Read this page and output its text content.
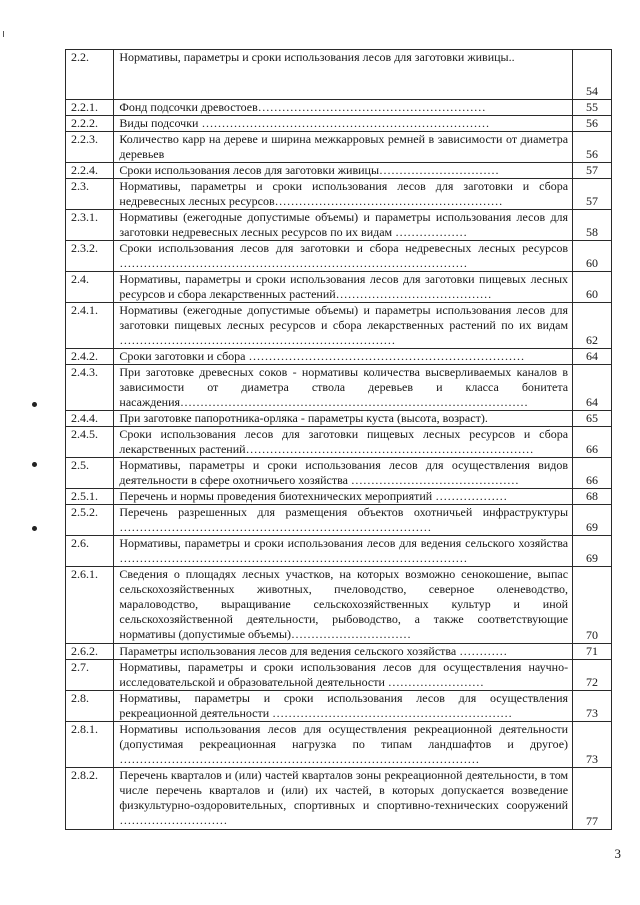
2.2.	Нормативы, параметры и сроки использования лесов для заготовки живицы..	54
2.2.1.	Фонд подсочки древостоев…………………………………………………	55
2.2.2.	Виды подсочки ………………………………………………………………	56
2.2.3.	Количество карр на дереве и ширина межкарровых ремней в зависимости от диаметра деревьев	56
2.2.4.	Сроки использования лесов для заготовки живицы…………………………	57
2.3.	Нормативы, параметры и сроки использования лесов для заготовки и сбора недревесных лесных ресурсов…………………………………………………	57
2.3.1.	Нормативы (ежегодные допустимые объемы) и параметры использования лесов для заготовки недревесных лесных ресурсов по их видам ………………	58
2.3.2.	Сроки использования лесов для заготовки и сбора недревесных лесных ресурсов ……………………………………………………………………………	60
2.4.	Нормативы, параметры и сроки использования лесов для заготовки пищевых лесных ресурсов и сбора лекарственных растений…………………………………	60
2.4.1.	Нормативы (ежегодные допустимые объемы) и параметры использования лесов для заготовки пищевых лесных ресурсов и сбора лекарственных растений по их видам ……………………………………………………………	62
2.4.2.	Сроки заготовки и сбора ……………………………………………………………	64
2.4.3.	При заготовке древесных соков - нормативы количества высверливаемых каналов в зависимости от диаметра ствола деревьев и класса бонитета насаждения……………………………………………………………………………	64
2.4.4.	При заготовке папоротника-орляка - параметры куста (высота, возраст).	65
2.4.5.	Сроки использования лесов для заготовки пищевых лесных ресурсов и сбора лекарственных растений………………………………………………………………	66
2.5.	Нормативы, параметры и сроки использования лесов для осуществления видов деятельности в сфере охотничьего хозяйства ……………………………………	66
2.5.1.	Перечень и нормы проведения биотехнических мероприятий ………………	68
2.5.2.	Перечень разрешенных для размещения объектов охотничьей инфраструктуры ……………………………………………………………………	69
2.6.	Нормативы, параметры и сроки использования лесов для ведения сельского хозяйства ……………………………………………………………………………	69
2.6.1.	Сведения о площадях лесных участков, на которых возможно сенокошение, выпас сельскохозяйственных животных, пчеловодство, северное оленеводство, мараловодство, выращивание сельскохозяйственных культур и иной сельскохозяйственной деятельности, рыбоводство, а также соответствующие нормативы (допустимые объемы)…………………………	70
2.6.2.	Параметры использования лесов для ведения сельского хозяйства …………	71
2.7.	Нормативы, параметры и сроки использования лесов для осуществления научно-исследовательской и образовательной деятельности ……………………	72
2.8.	Нормативы, параметры и сроки использования лесов для осуществления рекреационной деятельности ……………………………………………………	73
2.8.1.	Нормативы использования лесов для осуществления рекреационной деятельности (допустимая рекреационная нагрузка по типам ландшафтов и другое) ………………………………………………………………………………	73
2.8.2.	Перечень кварталов и (или) частей кварталов зоны рекреационной деятельности, в том числе перечень кварталов и (или) их частей, в которых допускается возведение физкультурно-оздоровительных, спортивных и спортивно-технических сооружений ………………………	77
3
